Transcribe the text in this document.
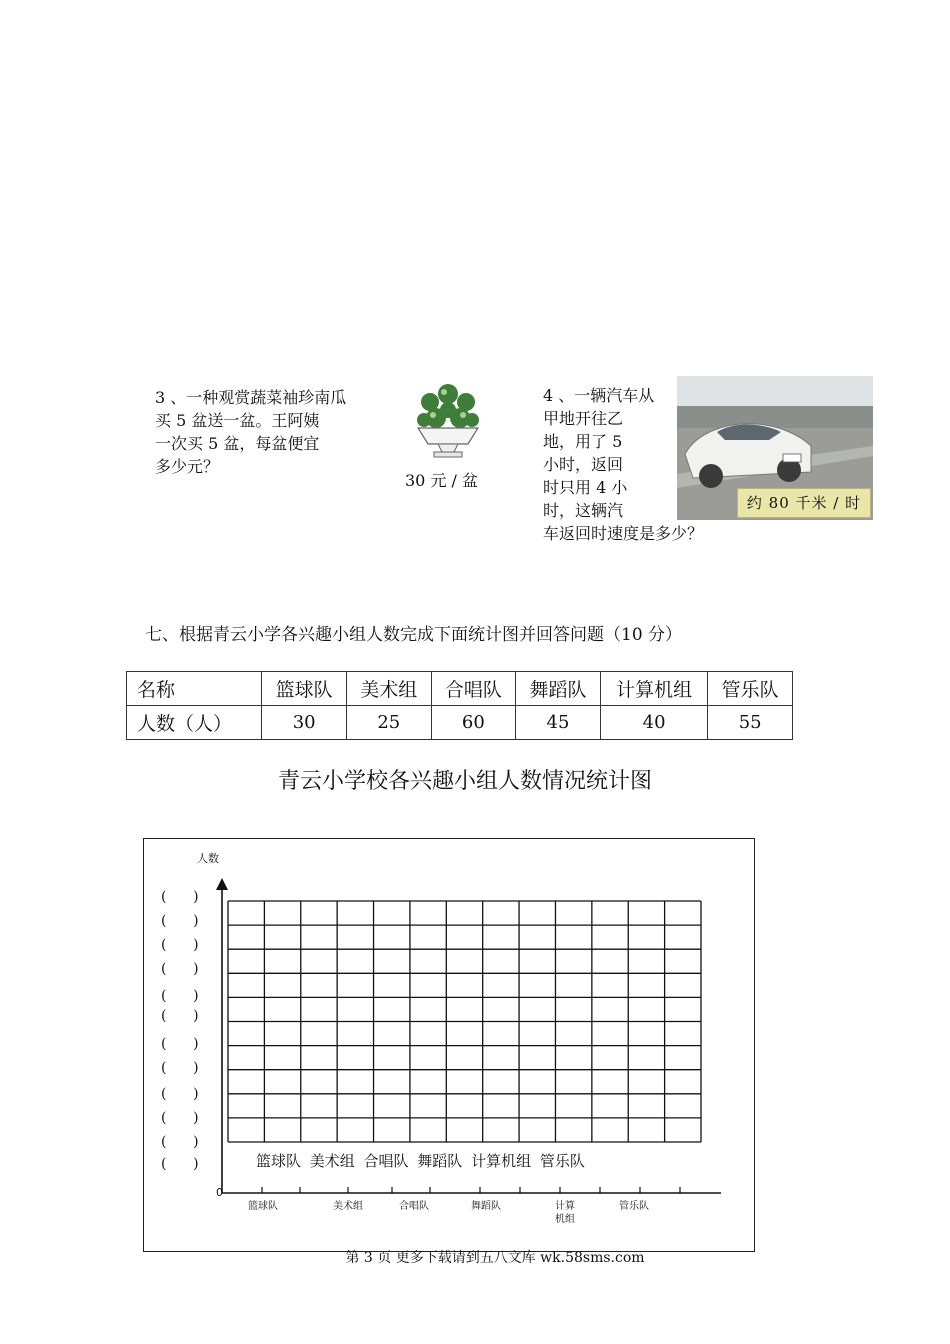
3 、一种观赏蔬菜袖珍南瓜
买 5 盆送一盆。王阿姨
一次买 5 盆，每盆便宜
多少元？
30 元 / 盆
4 、一辆汽车从
甲地开往乙
地，用了 5
小时，返回
时只用 4 小
时，这辆汽
车返回时速度是多少？
约 80 千米 / 时
七、根据青云小学各兴趣小组人数完成下面统计图并回答问题（10 分）
名称	篮球队	美术组	合唱队	舞蹈队	计算机组	管乐队
人数（人）	30	25	60	45	40	55
青云小学校各兴趣小组人数情况统计图
人数
(      )
(      )
(      )
(      )
(      )
(      )
(      )
(      )
(      )
(      )
(      )
(      )	篮球队 美术组 合唱队 舞蹈队 计算机组 管乐队
0
篮球队	美术组	合唱队	舞蹈队	计算
机组
管乐队
第 3 页 更多下载请到五八文库 wk.58sms.com
